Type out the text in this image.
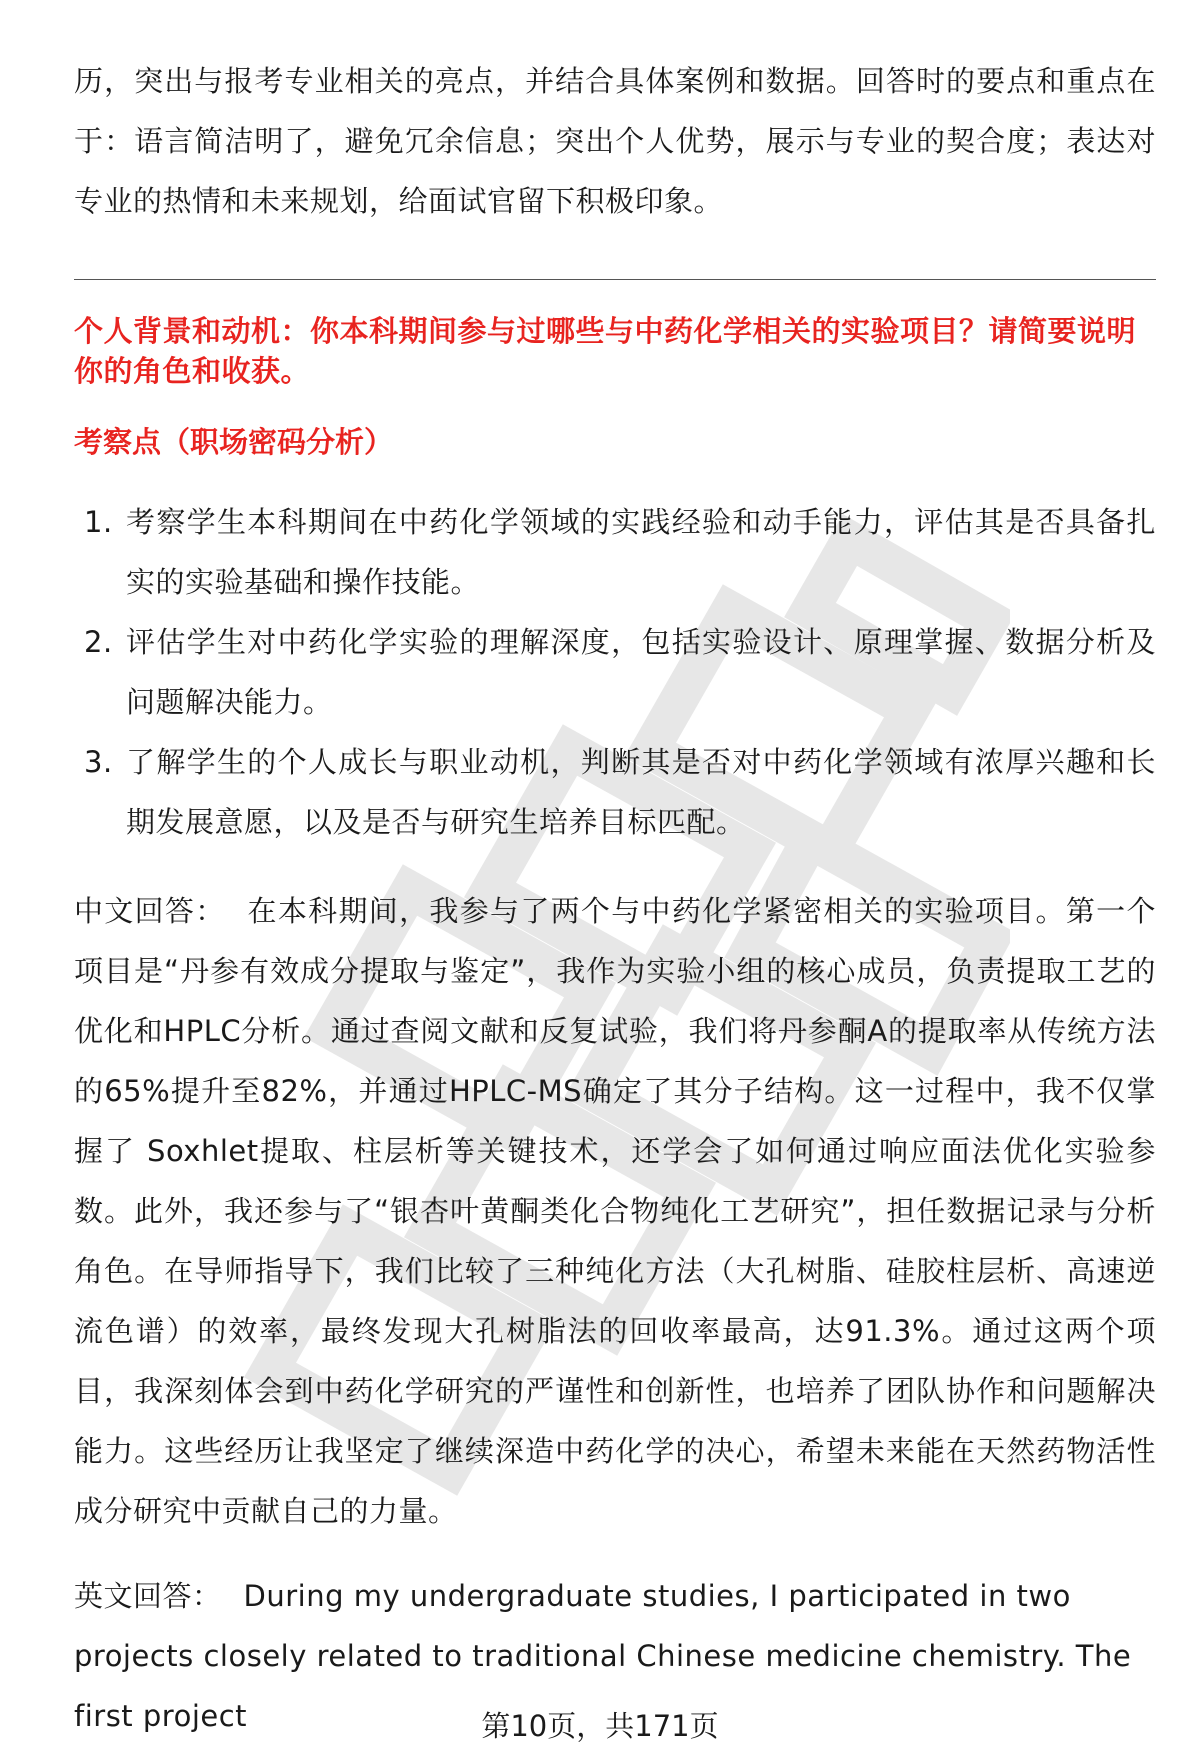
历，突出与报考专业相关的亮点，并结合具体案例和数据。回答时的要点和重点在于：语言简洁明了，避免冗余信息；突出个人优势，展示与专业的契合度；表达对专业的热情和未来规划，给面试官留下积极印象。

个人背景和动机：你本科期间参与过哪些与中药化学相关的实验项目？请简要说明你的角色和收获。

考察点（职场密码分析）

1. 考察学生本科期间在中药化学领域的实践经验和动手能力，评估其是否具备扎实的实验基础和操作技能。
2. 评估学生对中药化学实验的理解深度，包括实验设计、原理掌握、数据分析及问题解决能力。
3. 了解学生的个人成长与职业动机，判断其是否对中药化学领域有浓厚兴趣和长期发展意愿，以及是否与研究生培养目标匹配。

中文回答： 在本科期间，我参与了两个与中药化学紧密相关的实验项目。第一个项目是“丹参有效成分提取与鉴定”，我作为实验小组的核心成员，负责提取工艺的优化和HPLC分析。通过查阅文献和反复试验，我们将丹参酮A的提取率从传统方法的65%提升至82%，并通过HPLC-MS确定了其分子结构。这一过程中，我不仅掌握了 Soxhlet提取、柱层析等关键技术，还学会了如何通过响应面法优化实验参数。此外，我还参与了“银杏叶黄酮类化合物纯化工艺研究”，担任数据记录与分析角色。在导师指导下，我们比较了三种纯化方法（大孔树脂、硅胶柱层析、高速逆流色谱）的效率，最终发现大孔树脂法的回收率最高，达91.3%。通过这两个项目，我深刻体会到中药化学研究的严谨性和创新性，也培养了团队协作和问题解决能力。这些经历让我坚定了继续深造中药化学的决心，希望未来能在天然药物活性成分研究中贡献自己的力量。

英文回答： During my undergraduate studies, I participated in two projects closely related to traditional Chinese medicine chemistry. The first project	第10页，共171页
